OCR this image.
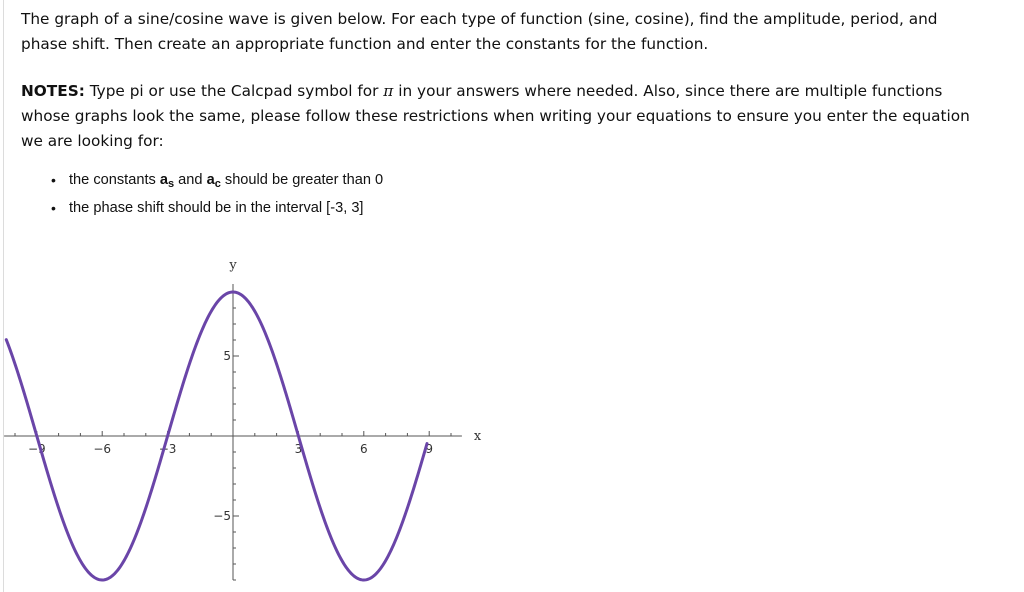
The graph of a sine/cosine wave is given below. For each type of function (sine, cosine), find the amplitude, period, and
phase shift. Then create an appropriate function and enter the constants for the function.
NOTES: Type pi or use the Calcpad symbol for π in your answers where needed. Also, since there are multiple functions
whose graphs look the same, please follow these restrictions when writing your equations to ensure you enter the equation
we are looking for:
• the constants $a_s$ and $a_c$ should be greater than 0
• the phase shift should be in the interval [-3, 3]
x
y
−9	−6	−3	3	6	9
5
−5
